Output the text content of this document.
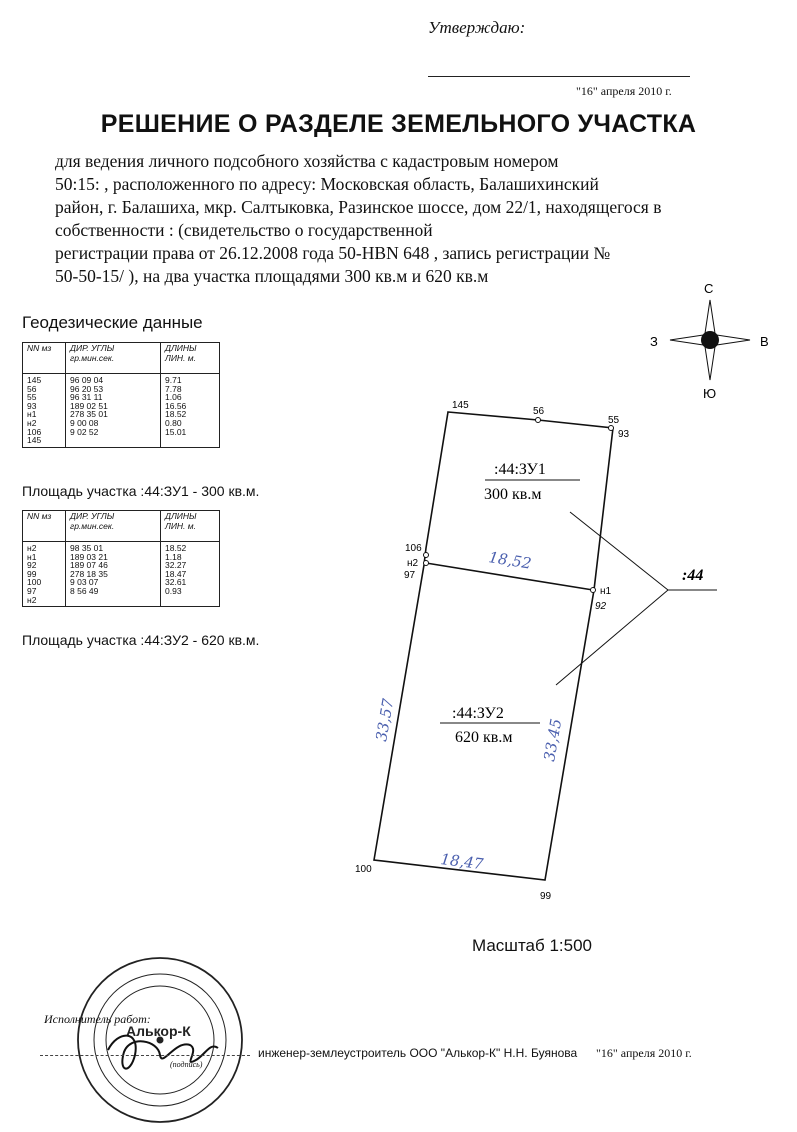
Утверждаю:
"16" апреля 2010 г.
РЕШЕНИЕ О РАЗДЕЛЕ ЗЕМЕЛЬНОГО УЧАСТКА
для ведения личного подсобного хозяйства с кадастровым номером
50:15: , расположенного по адресу: Московская область, Балашихинский
район, г. Балашиха, мкр. Салтыковка, Разинское шоссе, дом 22/1, находящегося в
собственности : (свидетельство о государственной
регистрации права от 26.12.2008 года 50-НВN 648 , запись регистрации №
50-50-15/ ), на два участка площадями 300 кв.м и 620 кв.м
Геодезические данные
NN мз	ДИР. УГЛЫ гр.мин.сек.	ДЛИНЫ ЛИН. м.
145	96 09 04	9.71
56	96 20 53	7.78
55	96 31 11	1.06
93	189 02 51	16.56
н1	278 35 01	18.52
н2	9 00 08	0.80
106	9 02 52	15.01
145		
Площадь участка :44:ЗУ1 - 300 кв.м.
NN мз	ДИР. УГЛЫ гр.мин.сек.	ДЛИНЫ ЛИН. м.
н2	98 35 01	18.52
н1	189 03 21	1.18
92	189 07 46	32.27
99	278 18 35	18.47
100	9 03 07	32.61
97	8 56 49	0.93
н2		
Площадь участка :44:ЗУ2 - 620 кв.м.
С
Ю
З	В
145
56
55
93
106
н2
97
н1
92
100
99
:44:ЗУ1
300 кв.м
:44:ЗУ2
620 кв.м
:44
18,52
33,57	33,45
18,47
Алькор-К
Масштаб 1:500
Исполнитель работ:
(подпись)
инженер-землеустроитель ООО "Алькор-К" Н.Н. Буянова "16" апреля 2010 г.
